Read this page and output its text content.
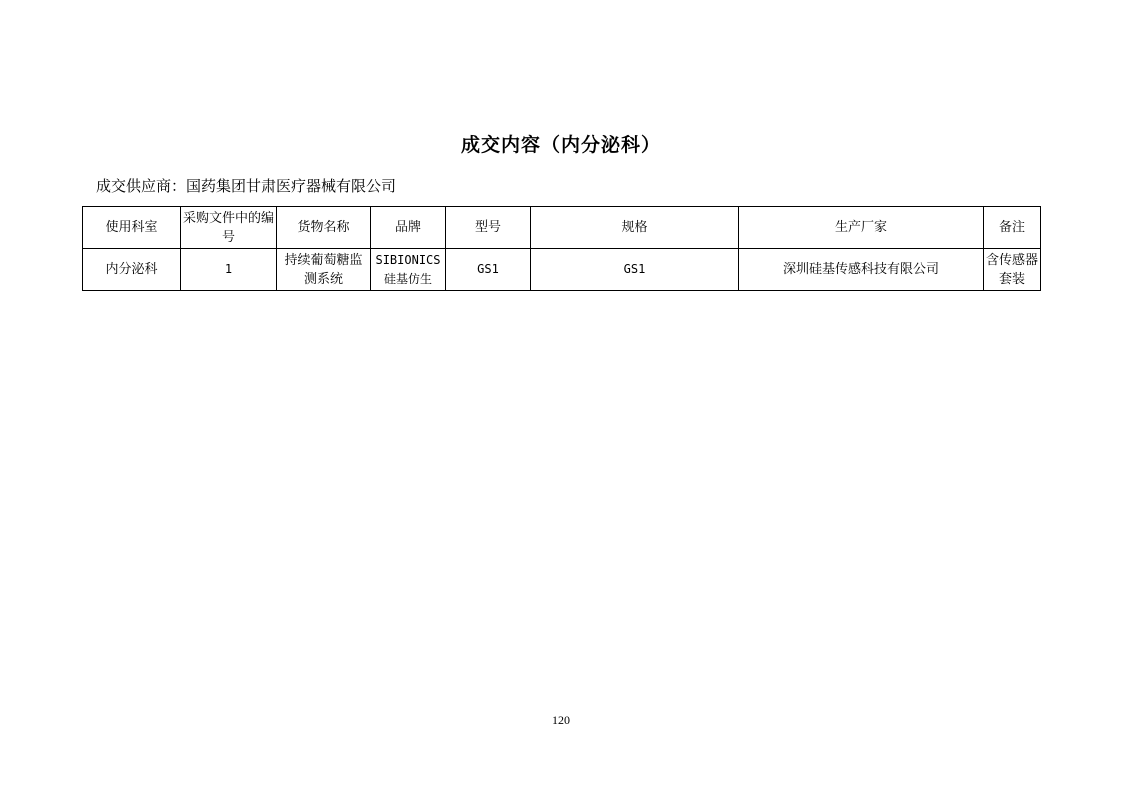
成交内容（内分泌科）
成交供应商：国药集团甘肃医疗器械有限公司
使用科室	采购文件中的编号	货物名称	品牌	型号	规格	生产厂家	备注
内分泌科	1	持续葡萄糖监测系统	SIBIONICS硅基仿生	GS1	GS1	深圳硅基传感科技有限公司	含传感器套装
120
